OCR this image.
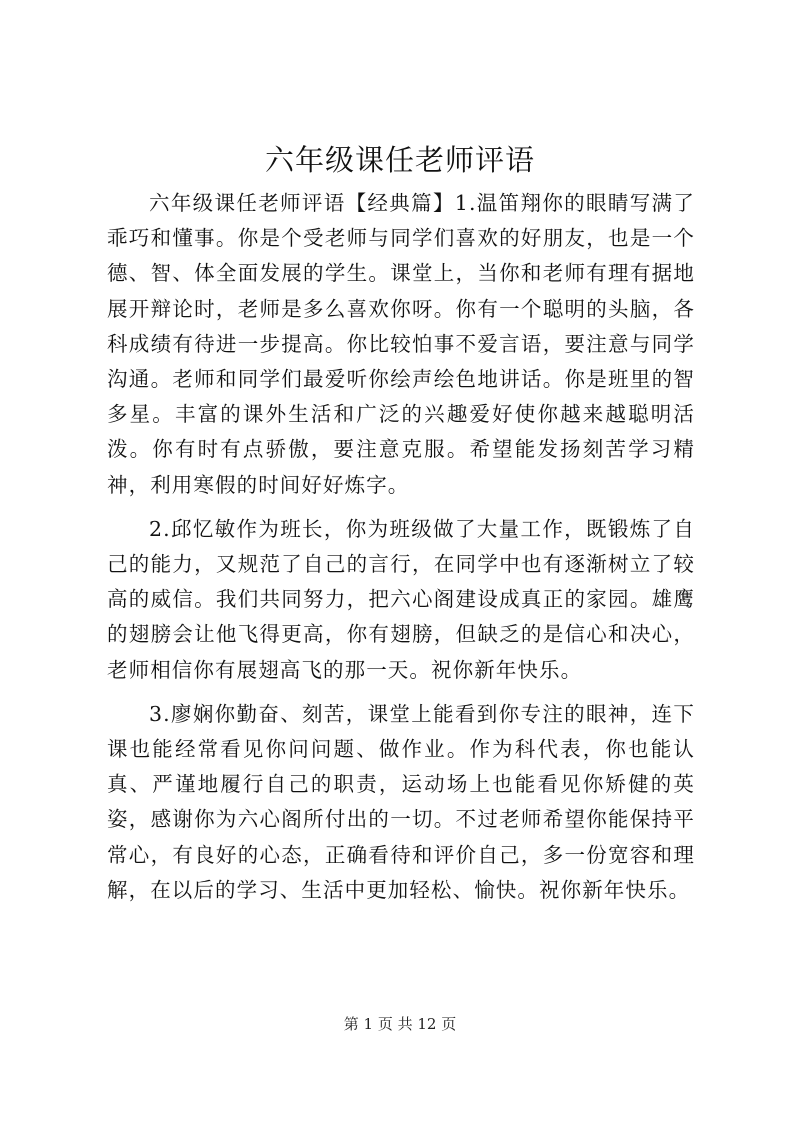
六年级课任老师评语

六年级课任老师评语【经典篇】1.温笛翔你的眼睛写满了乖巧和懂事。你是个受老师与同学们喜欢的好朋友，也是一个德、智、体全面发展的学生。课堂上，当你和老师有理有据地展开辩论时，老师是多么喜欢你呀。你有一个聪明的头脑，各科成绩有待进一步提高。你比较怕事不爱言语，要注意与同学沟通。老师和同学们最爱听你绘声绘色地讲话。你是班里的智多星。丰富的课外生活和广泛的兴趣爱好使你越来越聪明活泼。你有时有点骄傲，要注意克服。希望能发扬刻苦学习精神，利用寒假的时间好好炼字。

2.邱忆敏作为班长，你为班级做了大量工作，既锻炼了自己的能力，又规范了自己的言行，在同学中也有逐渐树立了较高的威信。我们共同努力，把六心阁建设成真正的家园。雄鹰的翅膀会让他飞得更高，你有翅膀，但缺乏的是信心和决心，老师相信你有展翅高飞的那一天。祝你新年快乐。

3.廖娴你勤奋、刻苦，课堂上能看到你专注的眼神，连下课也能经常看见你问问题、做作业。作为科代表，你也能认真、严谨地履行自己的职责，运动场上也能看见你矫健的英姿，感谢你为六心阁所付出的一切。不过老师希望你能保持平常心，有良好的心态，正确看待和评价自己，多一份宽容和理解，在以后的学习、生活中更加轻松、愉快。祝你新年快乐。

第 1 页 共 12 页
